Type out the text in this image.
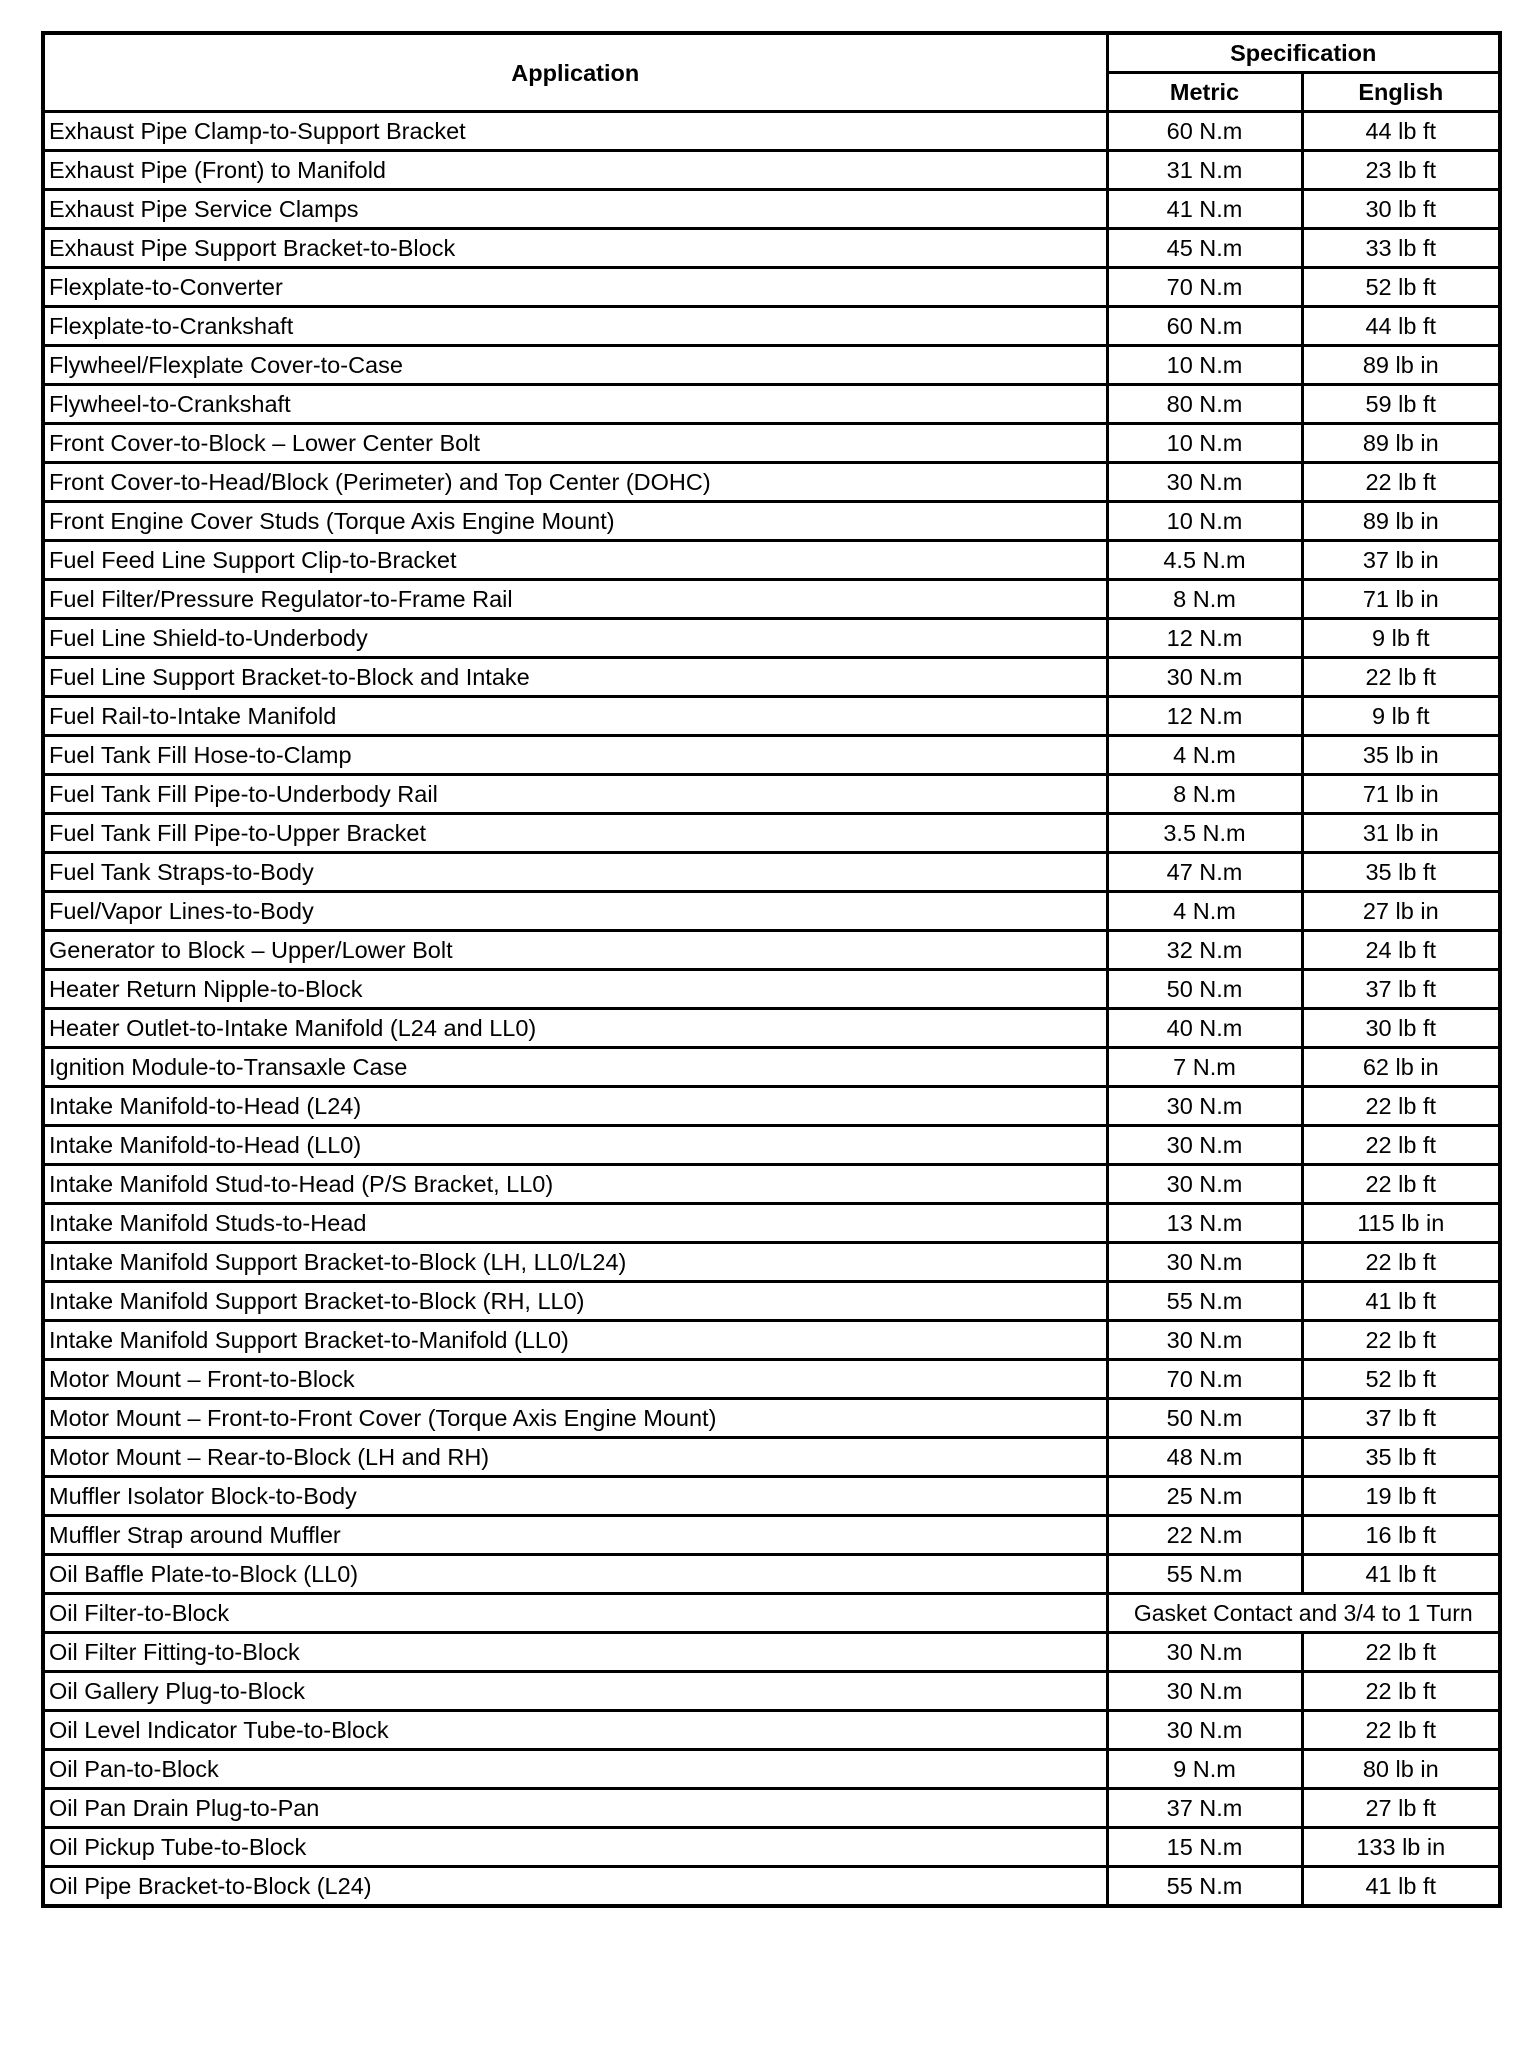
Application	Specification	
	Metric	English
Exhaust Pipe Clamp-to-Support Bracket	60 N.m	44 lb ft
Exhaust Pipe (Front) to Manifold	31 N.m	23 lb ft
Exhaust Pipe Service Clamps	41 N.m	30 lb ft
Exhaust Pipe Support Bracket-to-Block	45 N.m	33 lb ft
Flexplate-to-Converter	70 N.m	52 lb ft
Flexplate-to-Crankshaft	60 N.m	44 lb ft
Flywheel/Flexplate Cover-to-Case	10 N.m	89 lb in
Flywheel-to-Crankshaft	80 N.m	59 lb ft
Front Cover-to-Block – Lower Center Bolt	10 N.m	89 lb in
Front Cover-to-Head/Block (Perimeter) and Top Center (DOHC)	30 N.m	22 lb ft
Front Engine Cover Studs (Torque Axis Engine Mount)	10 N.m	89 lb in
Fuel Feed Line Support Clip-to-Bracket	4.5 N.m	37 lb in
Fuel Filter/Pressure Regulator-to-Frame Rail	8 N.m	71 lb in
Fuel Line Shield-to-Underbody	12 N.m	9 lb ft
Fuel Line Support Bracket-to-Block and Intake	30 N.m	22 lb ft
Fuel Rail-to-Intake Manifold	12 N.m	9 lb ft
Fuel Tank Fill Hose-to-Clamp	4 N.m	35 lb in
Fuel Tank Fill Pipe-to-Underbody Rail	8 N.m	71 lb in
Fuel Tank Fill Pipe-to-Upper Bracket	3.5 N.m	31 lb in
Fuel Tank Straps-to-Body	47 N.m	35 lb ft
Fuel/Vapor Lines-to-Body	4 N.m	27 lb in
Generator to Block – Upper/Lower Bolt	32 N.m	24 lb ft
Heater Return Nipple-to-Block	50 N.m	37 lb ft
Heater Outlet-to-Intake Manifold (L24 and LL0)	40 N.m	30 lb ft
Ignition Module-to-Transaxle Case	7 N.m	62 lb in
Intake Manifold-to-Head (L24)	30 N.m	22 lb ft
Intake Manifold-to-Head (LL0)	30 N.m	22 lb ft
Intake Manifold Stud-to-Head (P/S Bracket, LL0)	30 N.m	22 lb ft
Intake Manifold Studs-to-Head	13 N.m	115 lb in
Intake Manifold Support Bracket-to-Block (LH, LL0/L24)	30 N.m	22 lb ft
Intake Manifold Support Bracket-to-Block (RH, LL0)	55 N.m	41 lb ft
Intake Manifold Support Bracket-to-Manifold (LL0)	30 N.m	22 lb ft
Motor Mount – Front-to-Block	70 N.m	52 lb ft
Motor Mount – Front-to-Front Cover (Torque Axis Engine Mount)	50 N.m	37 lb ft
Motor Mount – Rear-to-Block (LH and RH)	48 N.m	35 lb ft
Muffler Isolator Block-to-Body	25 N.m	19 lb ft
Muffler Strap around Muffler	22 N.m	16 lb ft
Oil Baffle Plate-to-Block (LL0)	55 N.m	41 lb ft
Oil Filter-to-Block	Gasket Contact and 3/4 to 1 Turn	
Oil Filter Fitting-to-Block	30 N.m	22 lb ft
Oil Gallery Plug-to-Block	30 N.m	22 lb ft
Oil Level Indicator Tube-to-Block	30 N.m	22 lb ft
Oil Pan-to-Block	9 N.m	80 lb in
Oil Pan Drain Plug-to-Pan	37 N.m	27 lb ft
Oil Pickup Tube-to-Block	15 N.m	133 lb in
Oil Pipe Bracket-to-Block (L24)	55 N.m	41 lb ft
